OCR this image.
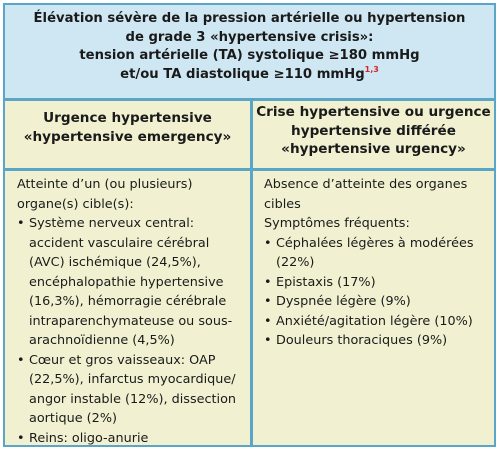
Élévation sévère de la pression artérielle ou hypertension
de grade 3 «hypertensive crisis»:
tension artérielle (TA) systolique ≥180 mmHg
et/ou TA diastolique ≥110 mmHg$^{1,3}$
Urgence hypertensive
«hypertensive emergency»
Crise hypertensive ou urgence
hypertensive différée
«hypertensive urgency»
Atteinte d’un (ou plusieurs)
organe(s) cible(s):
• Système nerveux central:
accident vasculaire cérébral
(AVC) ischémique (24,5%),
encéphalopathie hypertensive
(16,3%), hémorragie cérébrale
intraparenchymateuse ou sous-
arachnoïdienne (4,5%)
• Cœur et gros vaisseaux: OAP
(22,5%), infarctus myocardique/
angor instable (12%), dissection
aortique (2%)
• Reins: oligo-anurie
Absence d’atteinte des organes
cibles
Symptômes fréquents:
• Céphalées légères à modérées
(22%)
• Epistaxis (17%)
• Dyspnée légère (9%)
• Anxiété/agitation légère (10%)
• Douleurs thoraciques (9%)
